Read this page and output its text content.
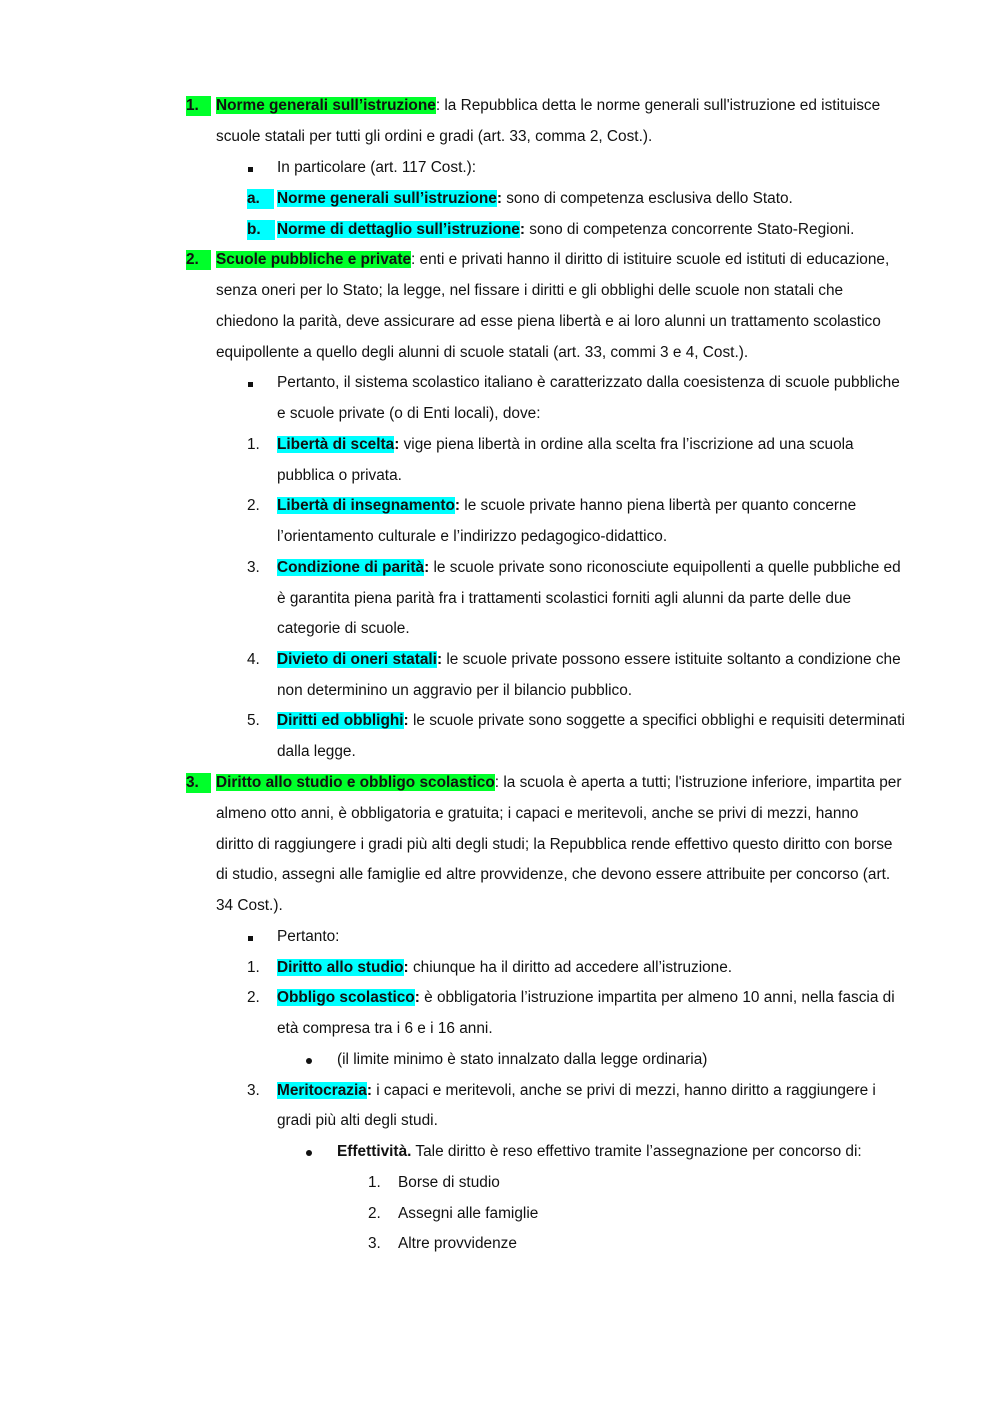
1.	Norme generali sull’istruzione: la Repubblica detta le norme generali sull'istruzione ed istituisce
scuole statali per tutti gli ordini e gradi (art. 33, comma 2, Cost.).
In particolare (art. 117 Cost.):
a.	Norme generali sull’istruzione: sono di competenza esclusiva dello Stato.
b.	Norme di dettaglio sull’istruzione: sono di competenza concorrente Stato-Regioni.
2.	Scuole pubbliche e private: enti e privati hanno il diritto di istituire scuole ed istituti di educazione,
senza oneri per lo Stato; la legge, nel fissare i diritti e gli obblighi delle scuole non statali che
chiedono la parità, deve assicurare ad esse piena libertà e ai loro alunni un trattamento scolastico
equipollente a quello degli alunni di scuole statali (art. 33, commi 3 e 4, Cost.).
Pertanto, il sistema scolastico italiano è caratterizzato dalla coesistenza di scuole pubbliche
e scuole private (o di Enti locali), dove:
1. Libertà di scelta: vige piena libertà in ordine alla scelta fra l’iscrizione ad una scuola
pubblica o privata.
2. Libertà di insegnamento: le scuole private hanno piena libertà per quanto concerne
l’orientamento culturale e l’indirizzo pedagogico-didattico.
3. Condizione di parità: le scuole private sono riconosciute equipollenti a quelle pubbliche ed
è garantita piena parità fra i trattamenti scolastici forniti agli alunni da parte delle due
categorie di scuole.
4. Divieto di oneri statali: le scuole private possono essere istituite soltanto a condizione che
non determinino un aggravio per il bilancio pubblico.
5. Diritti ed obblighi: le scuole private sono soggette a specifici obblighi e requisiti determinati
dalla legge.
3.	Diritto allo studio e obbligo scolastico: la scuola è aperta a tutti; l'istruzione inferiore, impartita per
almeno otto anni, è obbligatoria e gratuita; i capaci e meritevoli, anche se privi di mezzi, hanno
diritto di raggiungere i gradi più alti degli studi; la Repubblica rende effettivo questo diritto con borse
di studio, assegni alle famiglie ed altre provvidenze, che devono essere attribuite per concorso (art.
34 Cost.).
Pertanto:
1. Diritto allo studio: chiunque ha il diritto ad accedere all’istruzione.
2. Obbligo scolastico: è obbligatoria l’istruzione impartita per almeno 10 anni, nella fascia di
età compresa tra i 6 e i 16 anni.
(il limite minimo è stato innalzato dalla legge ordinaria)
3. Meritocrazia: i capaci e meritevoli, anche se privi di mezzi, hanno diritto a raggiungere i
gradi più alti degli studi.
Effettività. Tale diritto è reso effettivo tramite l’assegnazione per concorso di:
1. Borse di studio
2. Assegni alle famiglie
3. Altre provvidenze
